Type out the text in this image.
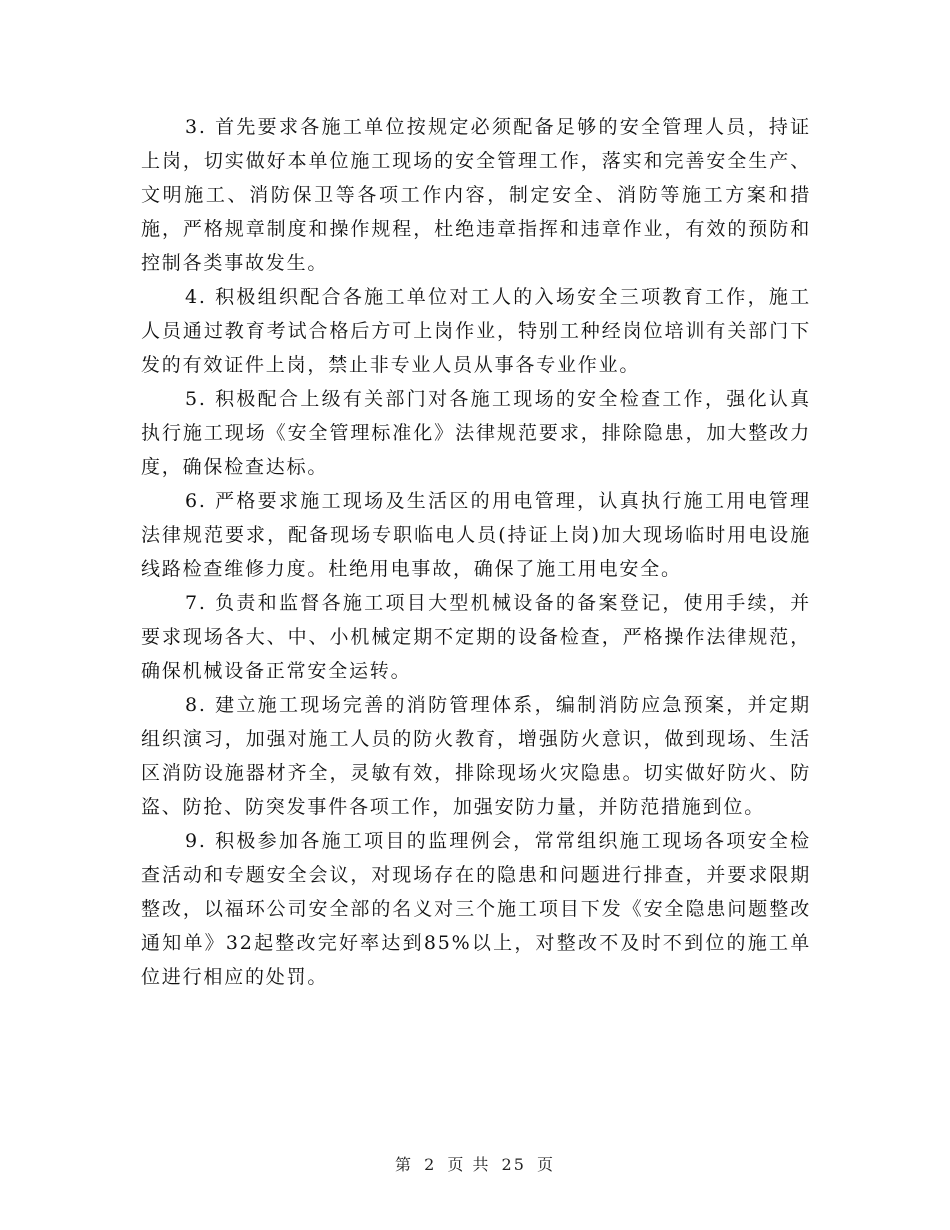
3. 首先要求各施工单位按规定必须配备足够的安全管理人员，持证上岗，切实做好本单位施工现场的安全管理工作，落实和完善安全生产、文明施工、消防保卫等各项工作内容，制定安全、消防等施工方案和措施，严格规章制度和操作规程，杜绝违章指挥和违章作业，有效的预防和控制各类事故发生。

4. 积极组织配合各施工单位对工人的入场安全三项教育工作，施工人员通过教育考试合格后方可上岗作业，特别工种经岗位培训有关部门下发的有效证件上岗，禁止非专业人员从事各专业作业。

5. 积极配合上级有关部门对各施工现场的安全检查工作，强化认真执行施工现场《安全管理标准化》法律规范要求，排除隐患，加大整改力度，确保检查达标。

6. 严格要求施工现场及生活区的用电管理，认真执行施工用电管理法律规范要求，配备现场专职临电人员(持证上岗)加大现场临时用电设施线路检查维修力度。杜绝用电事故，确保了施工用电安全。

7. 负责和监督各施工项目大型机械设备的备案登记，使用手续，并要求现场各大、中、小机械定期不定期的设备检查，严格操作法律规范，确保机械设备正常安全运转。

8. 建立施工现场完善的消防管理体系，编制消防应急预案，并定期组织演习，加强对施工人员的防火教育，增强防火意识，做到现场、生活区消防设施器材齐全，灵敏有效，排除现场火灾隐患。切实做好防火、防盗、防抢、防突发事件各项工作，加强安防力量，并防范措施到位。

9. 积极参加各施工项目的监理例会，常常组织施工现场各项安全检查活动和专题安全会议，对现场存在的隐患和问题进行排查，并要求限期整改，以福环公司安全部的名义对三个施工项目下发《安全隐患问题整改通知单》32起整改完好率达到85%以上，对整改不及时不到位的施工单位进行相应的处罚。

第 2 页 共 25 页
